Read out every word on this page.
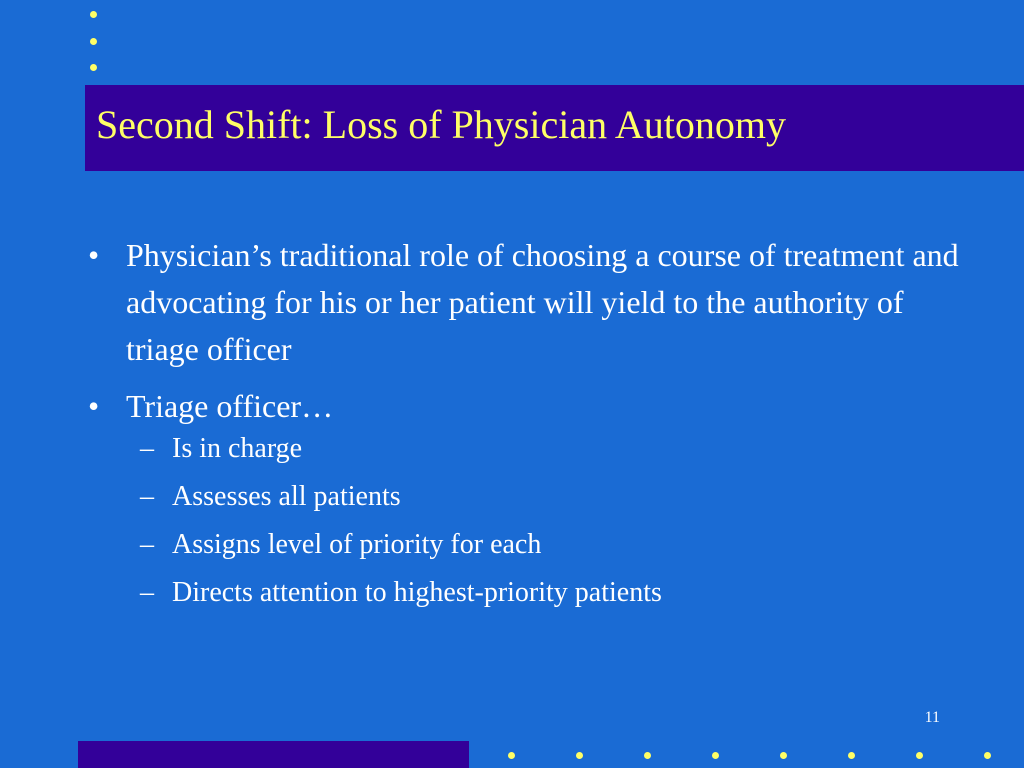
Second Shift: Loss of Physician Autonomy
• Physician’s traditional role of choosing a course of treatment and advocating for his or her patient will yield to the authority of triage officer
• Triage officer…
– Is in charge
– Assesses all patients
– Assigns level of priority for each
– Directs attention to highest-priority patients
11
